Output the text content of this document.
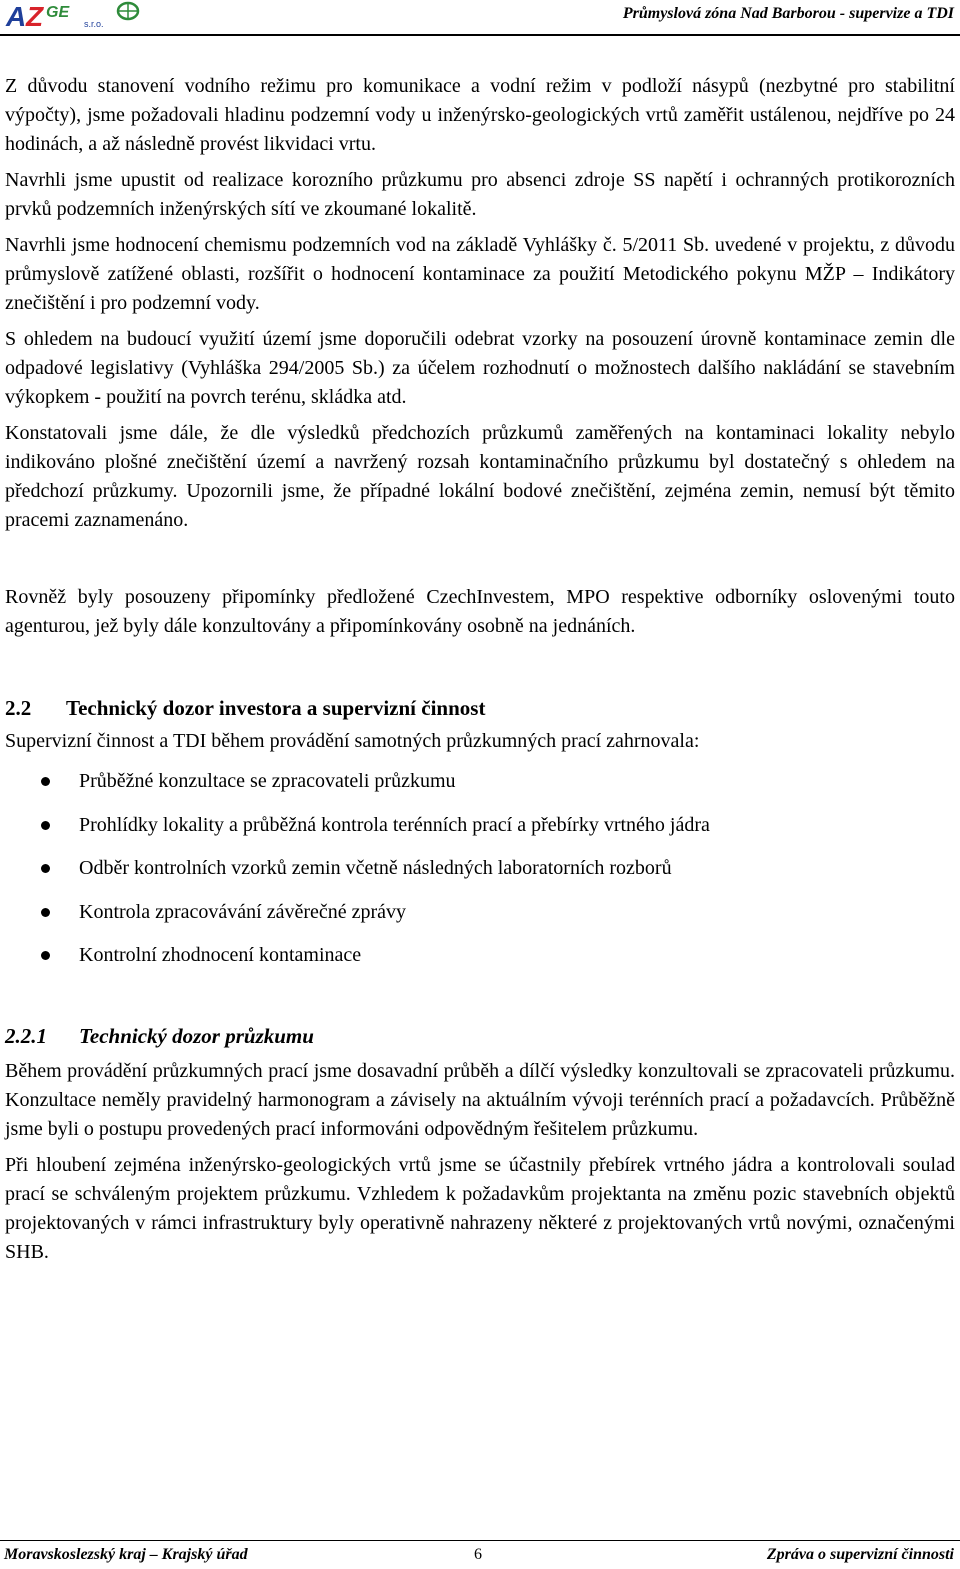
A Z GE
s.r.o.
Průmyslová zóna Nad Barborou - supervize a TDI

Z důvodu stanovení vodního režimu pro komunikace a vodní režim v podloží násypů (nezbytné pro stabilitní výpočty), jsme požadovali hladinu podzemní vody u inženýrsko-geologických vrtů zaměřit ustálenou, nejdříve po 24 hodinách, a až následně provést likvidaci vrtu.

Navrhli jsme upustit od realizace korozního průzkumu pro absenci zdroje SS napětí i ochranných protikorozních prvků podzemních inženýrských sítí ve zkoumané lokalitě.

Navrhli jsme hodnocení chemismu podzemních vod na základě Vyhlášky č. 5/2011 Sb. uvedené v projektu, z důvodu průmyslově zatížené oblasti, rozšířit o hodnocení kontaminace za použití Metodického pokynu MŽP – Indikátory znečištění i pro podzemní vody.

S ohledem na budoucí využití území jsme doporučili odebrat vzorky na posouzení úrovně kontaminace zemin dle odpadové legislativy (Vyhláška 294/2005 Sb.) za účelem rozhodnutí o možnostech dalšího nakládání se stavebním výkopkem - použití na povrch terénu, skládka atd.

Konstatovali jsme dále, že dle výsledků předchozích průzkumů zaměřených na kontaminaci lokality nebylo indikováno plošné znečištění území a navržený rozsah kontaminačního průzkumu byl dostatečný s ohledem na předchozí průzkumy. Upozornili jsme, že případné lokální bodové znečištění, zejména zemin, nemusí být těmito pracemi zaznamenáno.

Rovněž byly posouzeny připomínky předložené CzechInvestem, MPO respektive odborníky oslovenými touto agenturou, jež byly dále konzultovány a připomínkovány osobně na jednáních.

2.2 Technický dozor investora a supervizní činnost

Supervizní činnost a TDI během provádění samotných průzkumných prací zahrnovala:

Průběžné konzultace se zpracovateli průzkumu
Prohlídky lokality a průběžná kontrola terénních prací a přebírky vrtného jádra
Odběr kontrolních vzorků zemin včetně následných laboratorních rozborů
Kontrola zpracovávání závěrečné zprávy
Kontrolní zhodnocení kontaminace
2.2.1 Technický dozor průzkumu

Během provádění průzkumných prací jsme dosavadní průběh a dílčí výsledky konzultovali se zpracovateli průzkumu. Konzultace neměly pravidelný harmonogram a závisely na aktuálním vývoji terénních prací a požadavcích. Průběžně jsme byli o postupu provedených prací informováni odpovědným řešitelem průzkumu.

Při hloubení zejména inženýrsko-geologických vrtů jsme se účastnily přebírek vrtného jádra a kontrolovali soulad prací se schváleným projektem průzkumu. Vzhledem k požadavkům projektanta na změnu pozic stavebních objektů projektovaných v rámci infrastruktury byly operativně nahrazeny některé z projektovaných vrtů novými, označenými SHB.

Moravskoslezský kraj – Krajský úřad	6	Zpráva o supervizní činnosti
